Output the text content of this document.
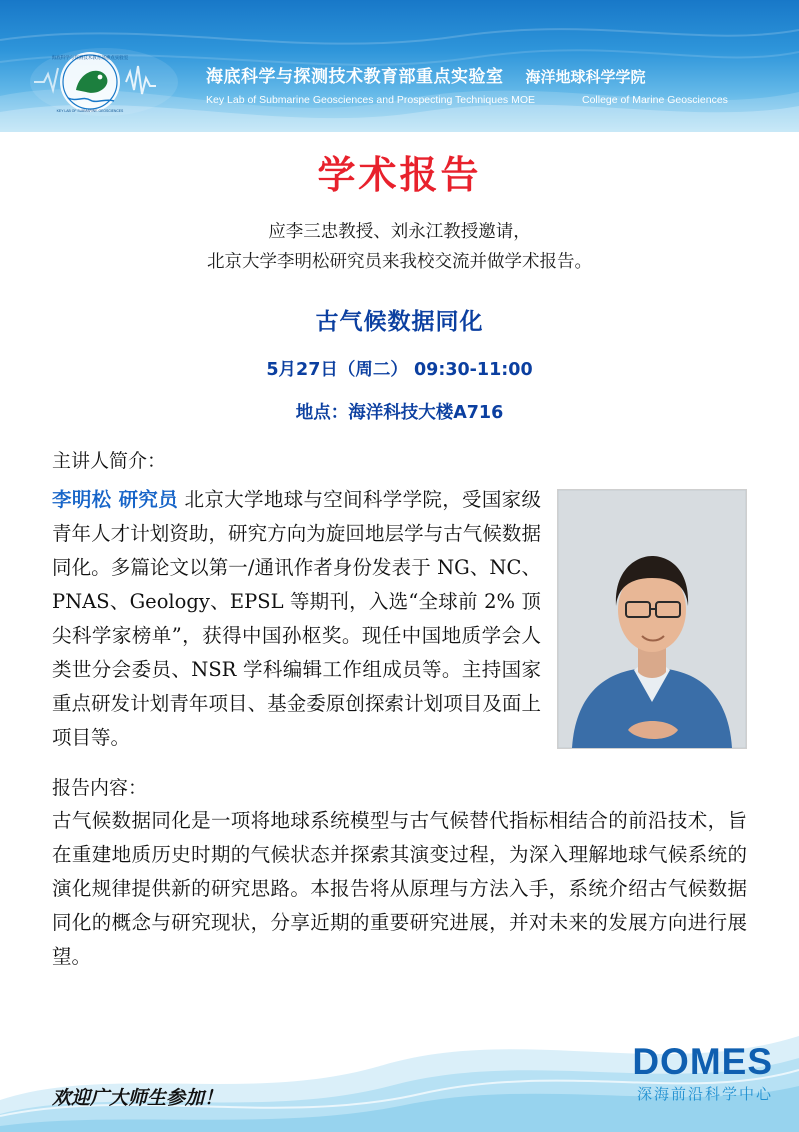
海底科学与探测技术教育部重点实验室
KEY LAB OF SUBMARINE GEOSCIENCES
海底科学与探测技术教育部重点实验室 海洋地球科学学院
Key Lab of Submarine Geosciences and Prospecting Techniques MOE	College of Marine Geosciences
学术报告
应李三忠教授、刘永江教授邀请，
北京大学李明松研究员来我校交流并做学术报告。
古气候数据同化
5月27日（周二） 09:30-11:00
地点：海洋科技大楼A716
主讲人简介：
李明松 研究员 北京大学地球与空间科学学院，受国家级青年人才计划资助，研究方向为旋回地层学与古气候数据同化。多篇论文以第一/通讯作者身份发表于 NG、NC、PNAS、Geology、EPSL 等期刊，入选“全球前 2% 顶尖科学家榜单”，获得中国孙枢奖。现任中国地质学会人类世分会委员、NSR 学科编辑工作组成员等。主持国家重点研发计划青年项目、基金委原创探索计划项目及面上项目等。
报告内容：
古气候数据同化是一项将地球系统模型与古气候替代指标相结合的前沿技术，旨在重建地质历史时期的气候状态并探索其演变过程，为深入理解地球气候系统的演化规律提供新的研究思路。本报告将从原理与方法入手，系统介绍古气候数据同化的概念与研究现状，分享近期的重要研究进展，并对未来的发展方向进行展望。
欢迎广大师生参加！
DOMES
深海前沿科学中心
